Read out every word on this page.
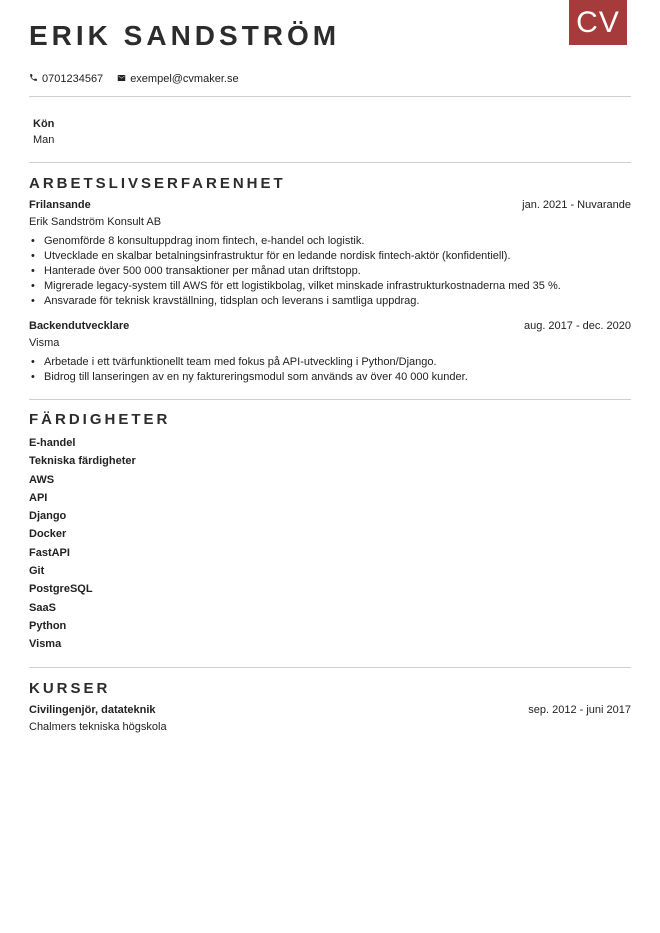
CV
ERIK SANDSTRÖM
0701234567 exempel@cvmaker.se
Kön
Man
ARBETSLIVSERFARENHET
Frilansande	jan. 2021 - Nuvarande
Erik Sandström Konsult AB
• Genomförde 8 konsultuppdrag inom fintech, e-handel och logistik.
• Utvecklade en skalbar betalningsinfrastruktur för en ledande nordisk fintech-aktör (konfidentiell).
• Hanterade över 500 000 transaktioner per månad utan driftstopp.
• Migrerade legacy-system till AWS för ett logistikbolag, vilket minskade infrastrukturkostnaderna med 35 %.
• Ansvarade för teknisk kravställning, tidsplan och leverans i samtliga uppdrag.
Backendutvecklare	aug. 2017 - dec. 2020
Visma
• Arbetade i ett tvärfunktionellt team med fokus på API-utveckling i Python/Django.
• Bidrog till lanseringen av en ny faktureringsmodul som används av över 40 000 kunder.
FÄRDIGHETER
E-handel
Tekniska färdigheter
AWS
API
Django
Docker
FastAPI
Git
PostgreSQL
SaaS
Python
Visma
KURSER
Civilingenjör, datateknik	sep. 2012 - juni 2017
Chalmers tekniska högskola
